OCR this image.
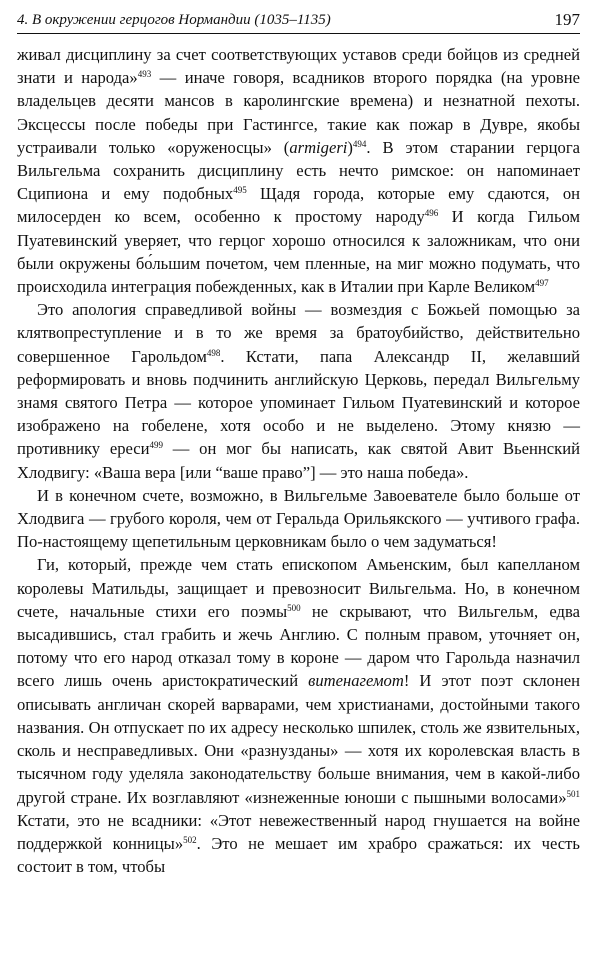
4. В окружении герцогов Нормандии (1035–1135)	197

живал дисциплину за счет соответствующих уставов среди бойцов из средней знати и народа»$^{493}$ — иначе говоря, всадников второго порядка (на уровне владельцев десяти мансов в каролингские времена) и незнатной пехоты. Эксцессы после победы при Гастингсе, такие как пожар в Дувре, якобы устраивали только «оруженосцы» (armigeri)$^{494}$. В этом старании герцога Вильгельма сохранить дисциплину есть нечто римское: он напоминает Сципиона и ему подобных$^{495}$ Щадя города, которые ему сдаются, он милосерден ко всем, особенно к простому народу$^{496}$ И когда Гильом Пуатевинский уверяет, что герцог хорошо относился к заложникам, что они были окружены бо́льшим почетом, чем пленные, на миг можно подумать, что происходила интеграция побежденных, как в Италии при Карле Великом$^{497}$

Это апология справедливой войны — возмездия с Божьей помощью за клятвопреступление и в то же время за братоубийство, действительно совершенное Гарольдом$^{498}$. Кстати, папа Александр II, желавший реформировать и вновь подчинить английскую Церковь, передал Вильгельму знамя святого Петра — которое упоминает Гильом Пуатевинский и которое изображено на гобелене, хотя особо и не выделено. Этому князю — противнику ереси$^{499}$ — он мог бы написать, как святой Авит Вьеннский Хлодвигу: «Ваша вера [или “ваше право”] — это наша победа».

И в конечном счете, возможно, в Вильгельме Завоевателе было больше от Хлодвига — грубого короля, чем от Геральда Орильякского — учтивого графа. По-настоящему щепетильным церковникам было о чем задуматься!

Ги, который, прежде чем стать епископом Амьенским, был капелланом королевы Матильды, защищает и превозносит Вильгельма. Но, в конечном счете, начальные стихи его поэмы$^{500}$ не скрывают, что Вильгельм, едва высадившись, стал грабить и жечь Англию. С полным правом, уточняет он, потому что его народ отказал тому в короне — даром что Гарольда назначил всего лишь очень аристократический витенагемот! И этот поэт склонен описывать англичан скорей варварами, чем христианами, достойными такого названия. Он отпускает по их адресу несколько шпилек, столь же язвительных, сколь и несправедливых. Они «разнузданы» — хотя их королевская власть в тысячном году уделяла законодательству больше внимания, чем в какой-либо другой стране. Их возглавляют «изнеженные юноши с пышными волосами»$^{501}$ Кстати, это не всадники: «Этот невежественный народ гнушается на войне поддержкой конницы»$^{502}$. Это не мешает им храбро сражаться: их честь состоит в том, чтобы
